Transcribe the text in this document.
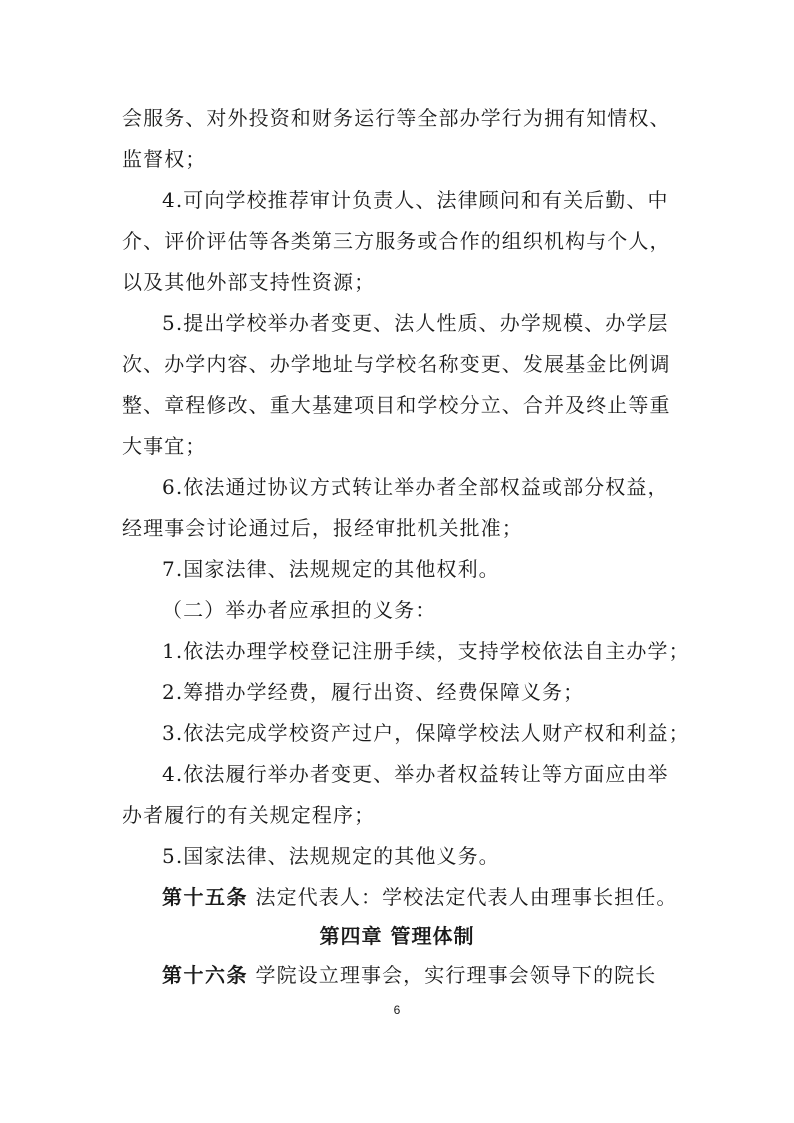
会服务、对外投资和财务运行等全部办学行为拥有知情权、
监督权；
4.可向学校推荐审计负责人、法律顾问和有关后勤、中
介、评价评估等各类第三方服务或合作的组织机构与个人，
以及其他外部支持性资源；
5.提出学校举办者变更、法人性质、办学规模、办学层
次、办学内容、办学地址与学校名称变更、发展基金比例调
整、章程修改、重大基建项目和学校分立、合并及终止等重
大事宜；
6.依法通过协议方式转让举办者全部权益或部分权益，
经理事会讨论通过后，报经审批机关批准；
7.国家法律、法规规定的其他权利。
（二）举办者应承担的义务：
1.依法办理学校登记注册手续，支持学校依法自主办学；
2.筹措办学经费，履行出资、经费保障义务；
3.依法完成学校资产过户，保障学校法人财产权和利益；
4.依法履行举办者变更、举办者权益转让等方面应由举
办者履行的有关规定程序；
5.国家法律、法规规定的其他义务。
第十五条 法定代表人：学校法定代表人由理事长担任。
第四章 管理体制
第十六条 学院设立理事会，实行理事会领导下的院长
6
